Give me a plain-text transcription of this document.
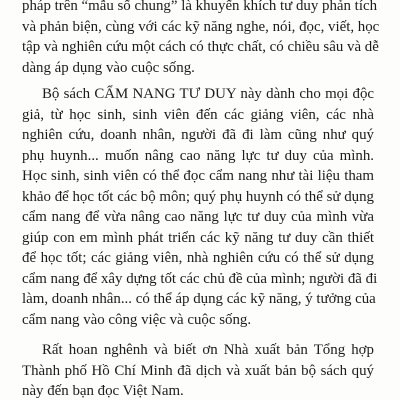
pháp trên “mẫu số chung” là khuyến khích tư duy phản tích
và phản biện, cùng với các kỹ năng nghe, nói, đọc, viết, học
tập và nghiên cứu một cách có thực chất, có chiều sâu và dễ
dàng áp dụng vào cuộc sống.
Bộ sách CẨM NANG TƯ DUY này dành cho mọi độc
giả, từ học sinh, sinh viên đến các giảng viên, các nhà
nghiên cứu, doanh nhân, người đã đi làm cũng như quý
phụ huynh... muốn nâng cao năng lực tư duy của mình.
Học sinh, sinh viên có thể đọc cẩm nang như tài liệu tham
khảo để học tốt các bộ môn; quý phụ huynh có thể sử dụng
cẩm nang để vừa nâng cao năng lực tư duy của mình vừa
giúp con em mình phát triển các kỹ năng tư duy cần thiết
để học tốt; các giảng viên, nhà nghiên cứu có thể sử dụng
cẩm nang để xây dựng tốt các chủ đề của mình; người đã đi
làm, doanh nhân... có thể áp dụng các kỹ năng, ý tưởng của
cẩm nang vào công việc và cuộc sống.
Rất hoan nghênh và biết ơn Nhà xuất bản Tổng hợp
Thành phố Hồ Chí Minh đã dịch và xuất bản bộ sách quý
này đến bạn đọc Việt Nam.
